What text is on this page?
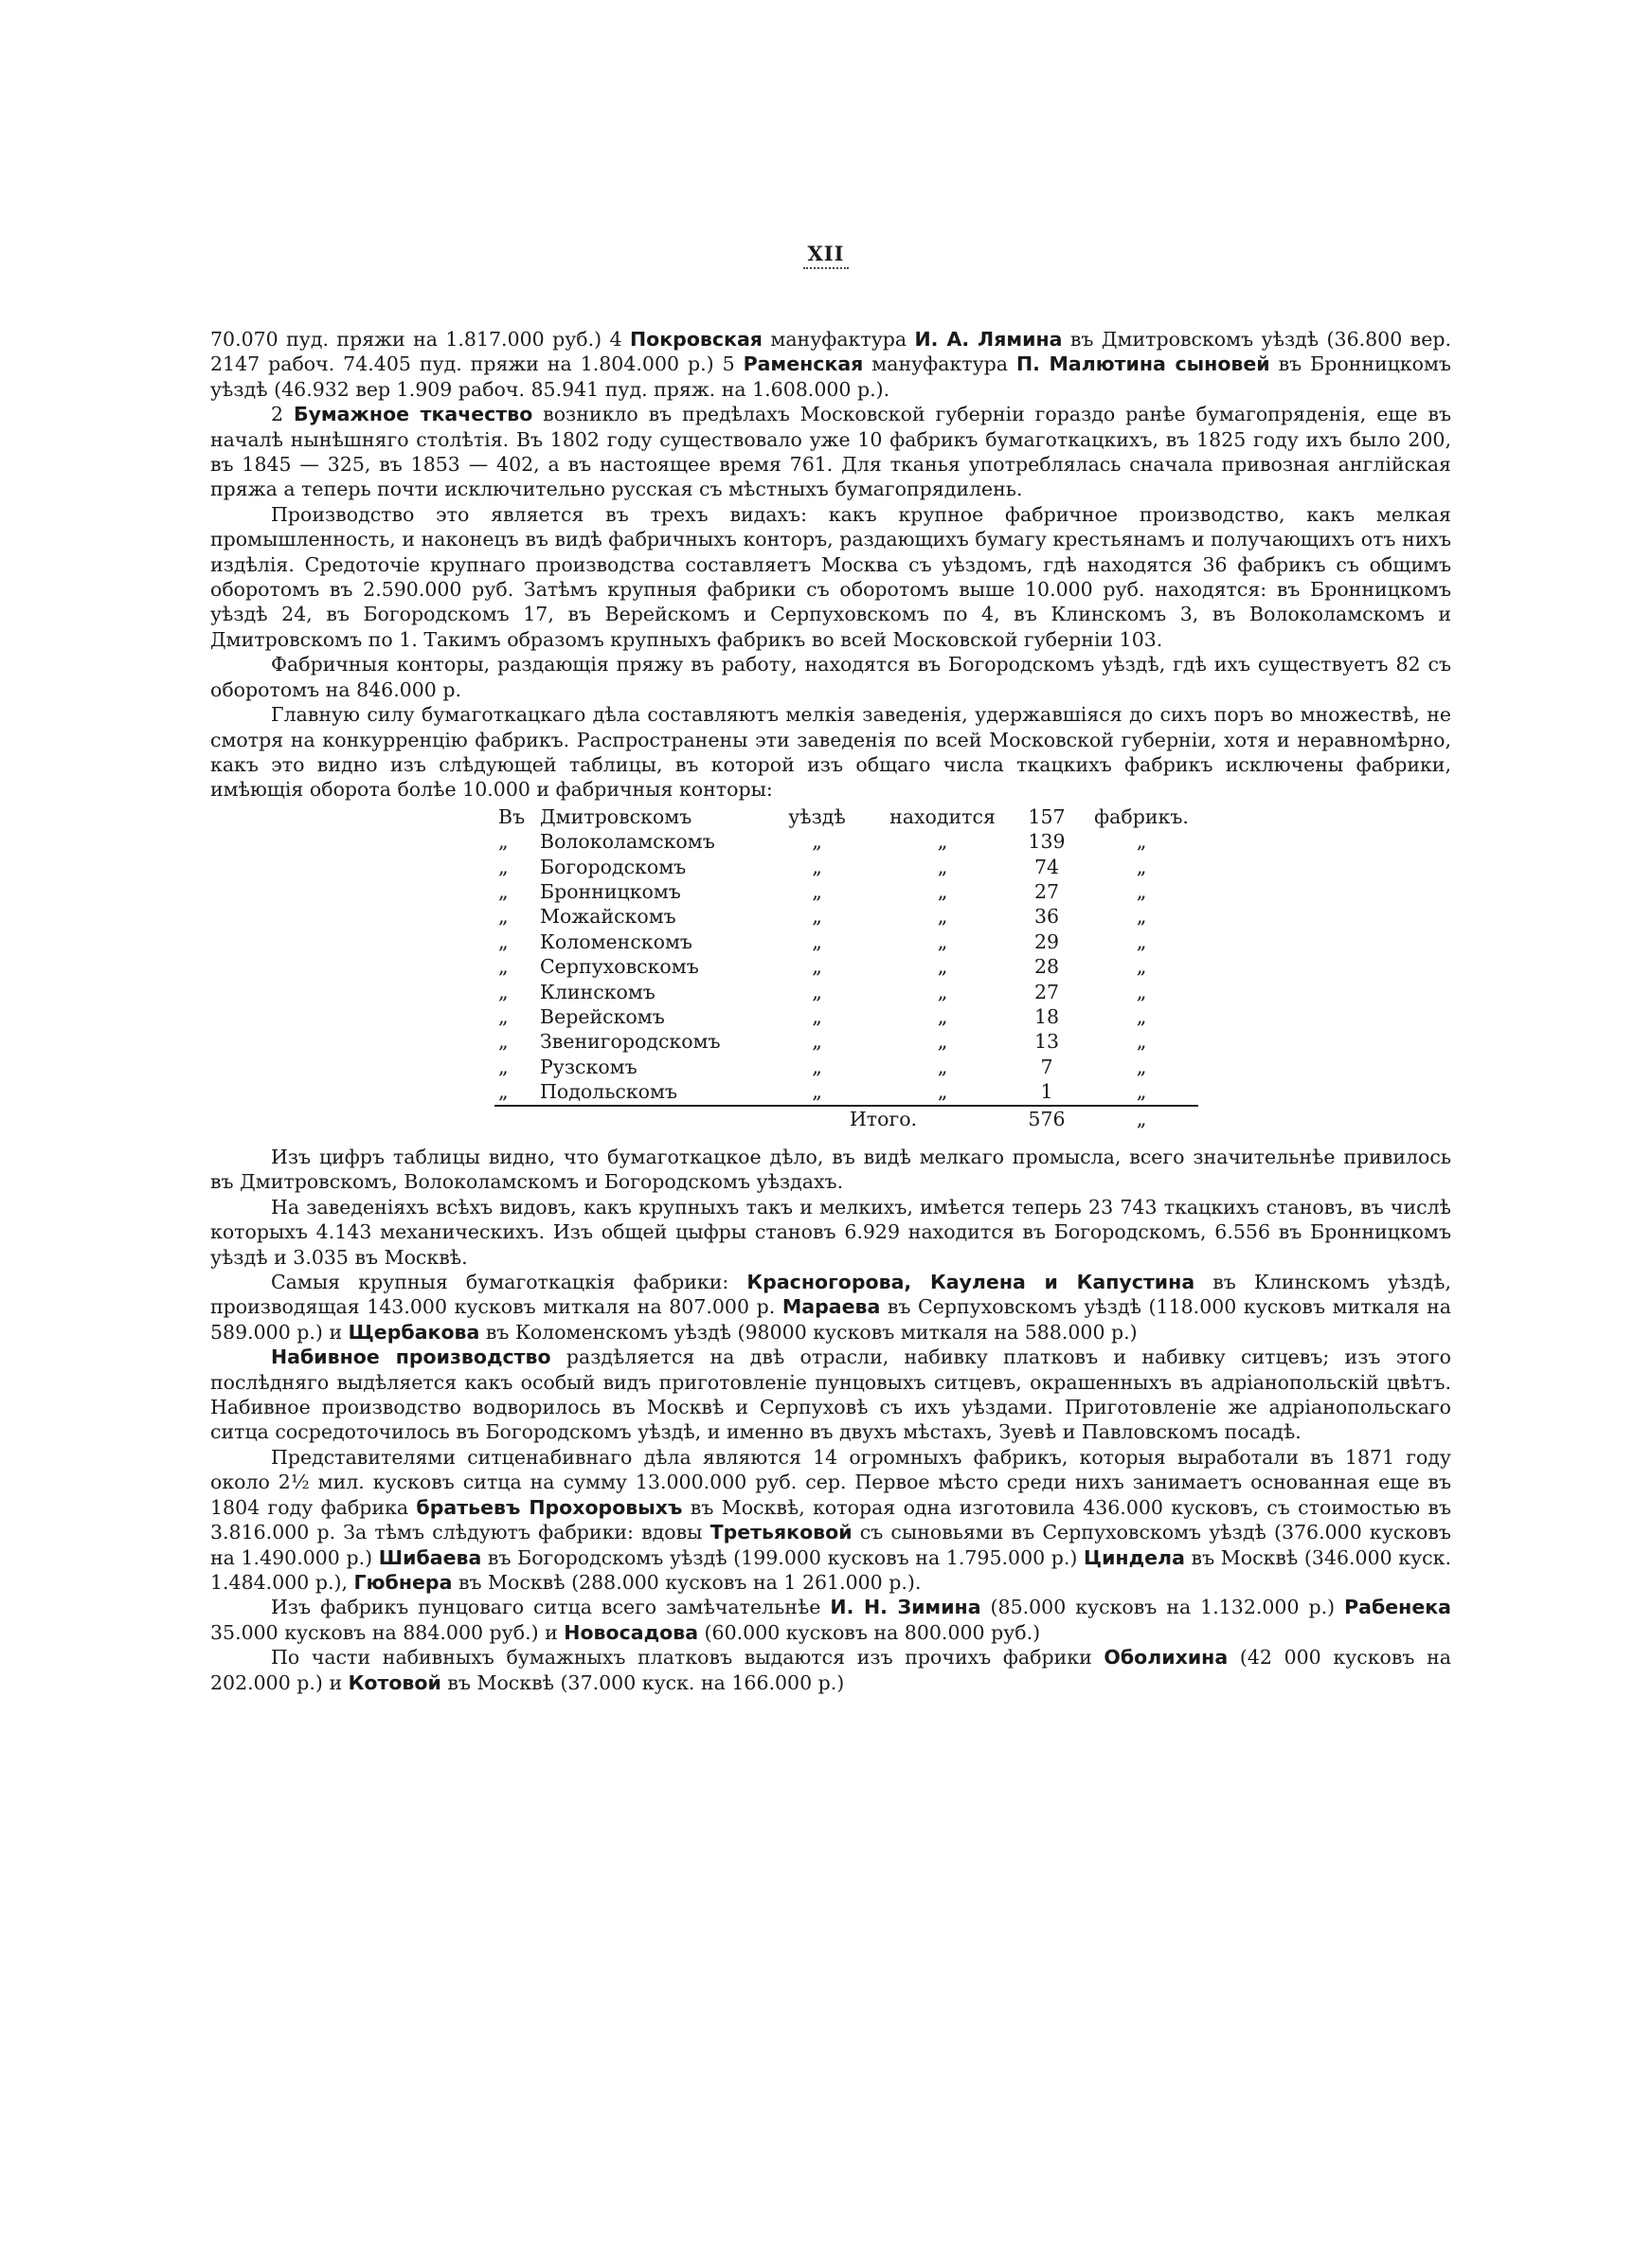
XII

70.070 пуд. пряжи на 1.817.000 руб.) 4 Покровская мануфактура И. А. Лямина въ Дмитровскомъ уѣздѣ (36.800 вер. 2147 рабоч. 74.405 пуд. пряжи на 1.804.000 р.) 5 Раменская мануфактура П. Малютина сыновей въ Бронницкомъ уѣздѣ (46.932 вер 1.909 рабоч. 85.941 пуд. пряж. на 1.608.000 р.).

2 Бумажное ткачество возникло въ предѣлахъ Московской губерніи гораздо ранѣе бумагопряденія, еще въ началѣ нынѣшняго столѣтія. Въ 1802 году существовало уже 10 фабрикъ бумаготкацкихъ, въ 1825 году ихъ было 200, въ 1845 — 325, въ 1853 — 402, а въ настоящее время 761. Для тканья употреблялась сначала привозная англійская пряжа а теперь почти исключительно русская съ мѣстныхъ бумагопрядилень.

Производство это является въ трехъ видахъ: какъ крупное фабричное производство, какъ мелкая промышленность, и наконецъ въ видѣ фабричныхъ конторъ, раздающихъ бумагу крестьянамъ и получающихъ отъ нихъ издѣлія. Средоточіе крупнаго производства составляетъ Москва съ уѣздомъ, гдѣ находятся 36 фабрикъ съ общимъ оборотомъ въ 2.590.000 руб. Затѣмъ крупныя фабрики съ оборотомъ выше 10.000 руб. находятся: въ Бронницкомъ уѣздѣ 24, въ Богородскомъ 17, въ Верейскомъ и Серпуховскомъ по 4, въ Клинскомъ 3, въ Волоколамскомъ и Дмитровскомъ по 1. Такимъ образомъ крупныхъ фабрикъ во всей Московской губерніи 103.

Фабричныя конторы, раздающія пряжу въ работу, находятся въ Богородскомъ уѣздѣ, гдѣ ихъ существуетъ 82 съ оборотомъ на 846.000 р.

Главную силу бумаготкацкаго дѣла составляютъ мелкія заведенія, удержавшіяся до сихъ поръ во множествѣ, не смотря на конкурренцію фабрикъ. Распространены эти заведенія по всей Московской губерніи, хотя и неравномѣрно, какъ это видно изъ слѣдующей таблицы, въ которой изъ общаго числа ткацкихъ фабрикъ исключены фабрики, имѣющія оборота болѣе 10.000 и фабричныя конторы:

Въ	Дмитровскомъ	уѣздѣ	находится	157	фабрикъ.
„	Волоколамскомъ	„	„	139	„
„	Богородскомъ	„	„	74	„
„	Бронницкомъ	„	„	27	„
„	Можайскомъ	„	„	36	„
„	Коломенскомъ	„	„	29	„
„	Серпуховскомъ	„	„	28	„
„	Клинскомъ	„	„	27	„
„	Верейскомъ	„	„	18	„
„	Звенигородскомъ	„	„	13	„
„	Рузскомъ	„	„	7	„
„	Подольскомъ	„	„	1	„
		Итого.		576	„

Изъ цифръ таблицы видно, что бумаготкацкое дѣло, въ видѣ мелкаго промысла, всего значительнѣе привилось въ Дмитровскомъ, Волоколамскомъ и Богородскомъ уѣздахъ.

На заведеніяхъ всѣхъ видовъ, какъ крупныхъ такъ и мелкихъ, имѣется теперь 23 743 ткацкихъ становъ, въ числѣ которыхъ 4.143 механическихъ. Изъ общей цыфры становъ 6.929 находится въ Богородскомъ, 6.556 въ Бронницкомъ уѣздѣ и 3.035 въ Москвѣ.

Самыя крупныя бумаготкацкія фабрики: Красногорова, Каулена и Капустина въ Клинскомъ уѣздѣ, производящая 143.000 кусковъ миткаля на 807.000 р. Мараева въ Серпуховскомъ уѣздѣ (118.000 кусковъ миткаля на 589.000 р.) и Щербакова въ Коломенскомъ уѣздѣ (98000 кусковъ миткаля на 588.000 р.)

Набивное производство раздѣляется на двѣ отрасли, набивку платковъ и набивку ситцевъ; изъ этого послѣдняго выдѣляется какъ особый видъ приготовленіе пунцовыхъ ситцевъ, окрашенныхъ въ адріанопольскій цвѣтъ. Набивное производство водворилось въ Москвѣ и Серпуховѣ съ ихъ уѣздами. Приготовленіе же адріанопольскаго ситца сосредоточилось въ Богородскомъ уѣздѣ, и именно въ двухъ мѣстахъ, Зуевѣ и Павловскомъ посадѣ.

Представителями ситценабивнаго дѣла являются 14 огромныхъ фабрикъ, которыя выработали въ 1871 году около 2½ мил. кусковъ ситца на сумму 13.000.000 руб. сер. Первое мѣсто среди нихъ занимаетъ основанная еще въ 1804 году фабрика братьевъ Прохоровыхъ въ Москвѣ, которая одна изготовила 436.000 кусковъ, съ стоимостью въ 3.816.000 р. За тѣмъ слѣдуютъ фабрики: вдовы Третьяковой съ сыновьями въ Серпуховскомъ уѣздѣ (376.000 кусковъ на 1.490.000 р.) Шибаева въ Богородскомъ уѣздѣ (199.000 кусковъ на 1.795.000 р.) Циндела въ Москвѣ (346.000 куск. 1.484.000 р.), Гюбнера въ Москвѣ (288.000 кусковъ на 1 261.000 р.).

Изъ фабрикъ пунцоваго ситца всего замѣчательнѣе И. Н. Зимина (85.000 кусковъ на 1.132.000 р.) Рабенека 35.000 кусковъ на 884.000 руб.) и Новосадова (60.000 кусковъ на 800.000 руб.)

По части набивныхъ бумажныхъ платковъ выдаются изъ прочихъ фабрики Оболихина (42 000 кусковъ на 202.000 р.) и Котовой въ Москвѣ (37.000 куск. на 166.000 р.)
